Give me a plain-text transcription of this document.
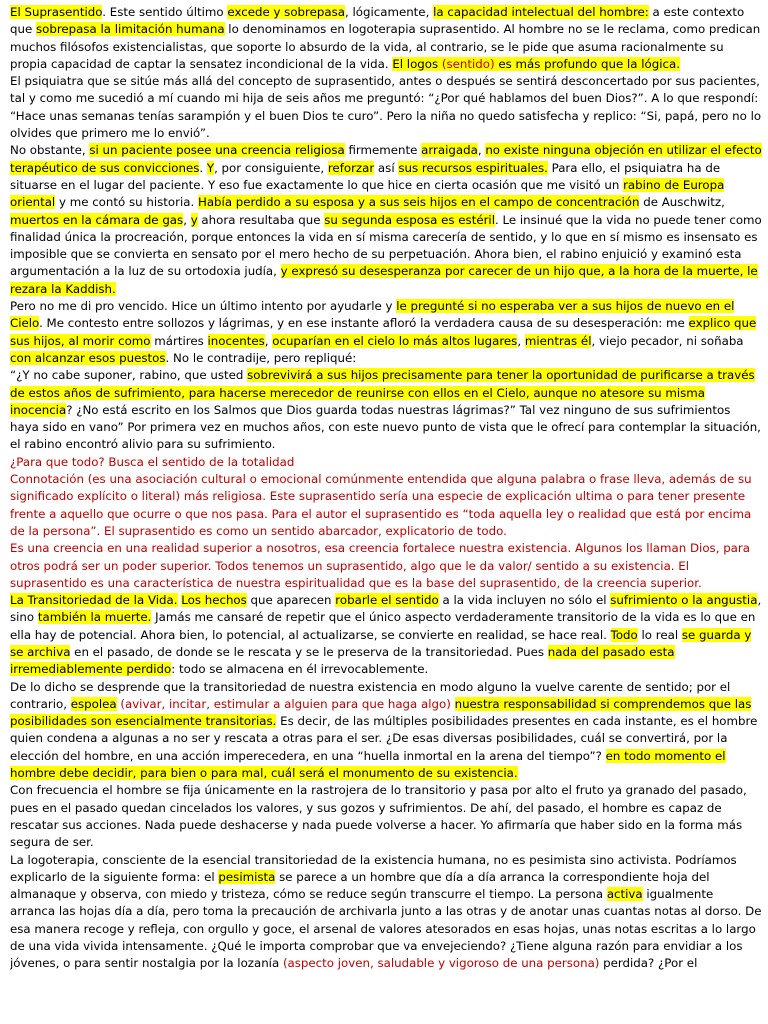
El Suprasentido. Este sentido último excede y sobrepasa, lógicamente, la capacidad intelectual del hombre: a este contexto que sobrepasa la limitación humana lo denominamos en logoterapia suprasentido. Al hombre no se le reclama, como predican muchos filósofos existencialistas, que soporte lo absurdo de la vida, al contrario, se le pide que asuma racionalmente su propia capacidad de captar la sensatez incondicional de la vida. El logos (sentido) es más profundo que la lógica.

El psiquiatra que se sitúe más allá del concepto de suprasentido, antes o después se sentirá desconcertado por sus pacientes, tal y como me sucedió a mí cuando mi hija de seis años me preguntó: “¿Por qué hablamos del buen Dios?”. A lo que respondí: “Hace unas semanas tenías sarampión y el buen Dios te curo”. Pero la niña no quedo satisfecha y replico: “Si, papá, pero no lo olvides que primero me lo envió”.

No obstante, si un paciente posee una creencia religiosa firmemente arraigada, no existe ninguna objeción en utilizar el efecto terapéutico de sus convicciones. Y, por consiguiente, reforzar así sus recursos espirituales. Para ello, el psiquiatra ha de situarse en el lugar del paciente. Y eso fue exactamente lo que hice en cierta ocasión que me visitó un rabino de Europa oriental y me contó su historia. Había perdido a su esposa y a sus seis hijos en el campo de concentración de Auschwitz, muertos en la cámara de gas, y ahora resultaba que su segunda esposa es estéril. Le insinué que la vida no puede tener como finalidad única la procreación, porque entonces la vida en sí misma carecería de sentido, y lo que en sí mismo es insensato es imposible que se convierta en sensato por el mero hecho de su perpetuación. Ahora bien, el rabino enjuició y examinó esta argumentación a la luz de su ortodoxia judía, y expresó su desesperanza por carecer de un hijo que, a la hora de la muerte, le rezara la Kaddish.

Pero no me di pro vencido. Hice un último intento por ayudarle y le pregunté si no esperaba ver a sus hijos de nuevo en el Cielo. Me contesto entre sollozos y lágrimas, y en ese instante afloró la verdadera causa de su desesperación: me explico que sus hijos, al morir como mártires inocentes, ocuparían en el cielo lo más altos lugares, mientras él, viejo pecador, ni soñaba con alcanzar esos puestos. No le contradije, pero repliqué:

“¿Y no cabe suponer, rabino, que usted sobrevivirá a sus hijos precisamente para tener la oportunidad de purificarse a través de estos años de sufrimiento, para hacerse merecedor de reunirse con ellos en el Cielo, aunque no atesore su misma inocencia? ¿No está escrito en los Salmos que Dios guarda todas nuestras lágrimas?” Tal vez ninguno de sus sufrimientos haya sido en vano” Por primera vez en muchos años, con este nuevo punto de vista que le ofrecí para contemplar la situación, el rabino encontró alivio para su sufrimiento.

¿Para que todo? Busca el sentido de la totalidad

Connotación (es una asociación cultural o emocional comúnmente entendida que alguna palabra o frase lleva, además de su significado explícito o literal) más religiosa. Este suprasentido sería una especie de explicación ultima o para tener presente frente a aquello que ocurre o que nos pasa. Para el autor el suprasentido es “toda aquella ley o realidad que está por encima de la persona”. El suprasentido es como un sentido abarcador, explicatorio de todo.

Es una creencia en una realidad superior a nosotros, esa creencia fortalece nuestra existencia. Algunos los llaman Dios, para otros podrá ser un poder superior. Todos tenemos un suprasentido, algo que le da valor/ sentido a su existencia. El suprasentido es una característica de nuestra espiritualidad que es la base del suprasentido, de la creencia superior.

La Transitoriedad de la Vida. Los hechos que aparecen robarle el sentido a la vida incluyen no sólo el sufrimiento o la angustia, sino también la muerte. Jamás me cansaré de repetir que el único aspecto verdaderamente transitorio de la vida es lo que en ella hay de potencial. Ahora bien, lo potencial, al actualizarse, se convierte en realidad, se hace real. Todo lo real se guarda y se archiva en el pasado, de donde se le rescata y se le preserva de la transitoriedad. Pues nada del pasado esta irremediablemente perdido: todo se almacena en él irrevocablemente.

De lo dicho se desprende que la transitoriedad de nuestra existencia en modo alguno la vuelve carente de sentido; por el contrario, espolea (avivar, incitar, estimular a alguien para que haga algo) nuestra responsabilidad si comprendemos que las posibilidades son esencialmente transitorias. Es decir, de las múltiples posibilidades presentes en cada instante, es el hombre quien condena a algunas a no ser y rescata a otras para el ser. ¿De esas diversas posibilidades, cuál se convertirá, por la elección del hombre, en una acción imperecedera, en una “huella inmortal en la arena del tiempo”? en todo momento el hombre debe decidir, para bien o para mal, cuál será el monumento de su existencia.

Con frecuencia el hombre se fija únicamente en la rastrojera de lo transitorio y pasa por alto el fruto ya granado del pasado, pues en el pasado quedan cincelados los valores, y sus gozos y sufrimientos. De ahí, del pasado, el hombre es capaz de rescatar sus acciones. Nada puede deshacerse y nada puede volverse a hacer. Yo afirmaría que haber sido en la forma más segura de ser.

La logoterapia, consciente de la esencial transitoriedad de la existencia humana, no es pesimista sino activista. Podríamos explicarlo de la siguiente forma: el pesimista se parece a un hombre que día a día arranca la correspondiente hoja del almanaque y observa, con miedo y tristeza, cómo se reduce según transcurre el tiempo. La persona activa igualmente arranca las hojas día a día, pero toma la precaución de archivarla junto a las otras y de anotar unas cuantas notas al dorso. De esa manera recoge y refleja, con orgullo y goce, el arsenal de valores atesorados en esas hojas, unas notas escritas a lo largo de una vida vivida intensamente. ¿Qué le importa comprobar que va envejeciendo? ¿Tiene alguna razón para envidiar a los jóvenes, o para sentir nostalgia por la lozanía (aspecto joven, saludable y vigoroso de una persona) perdida? ¿Por el
